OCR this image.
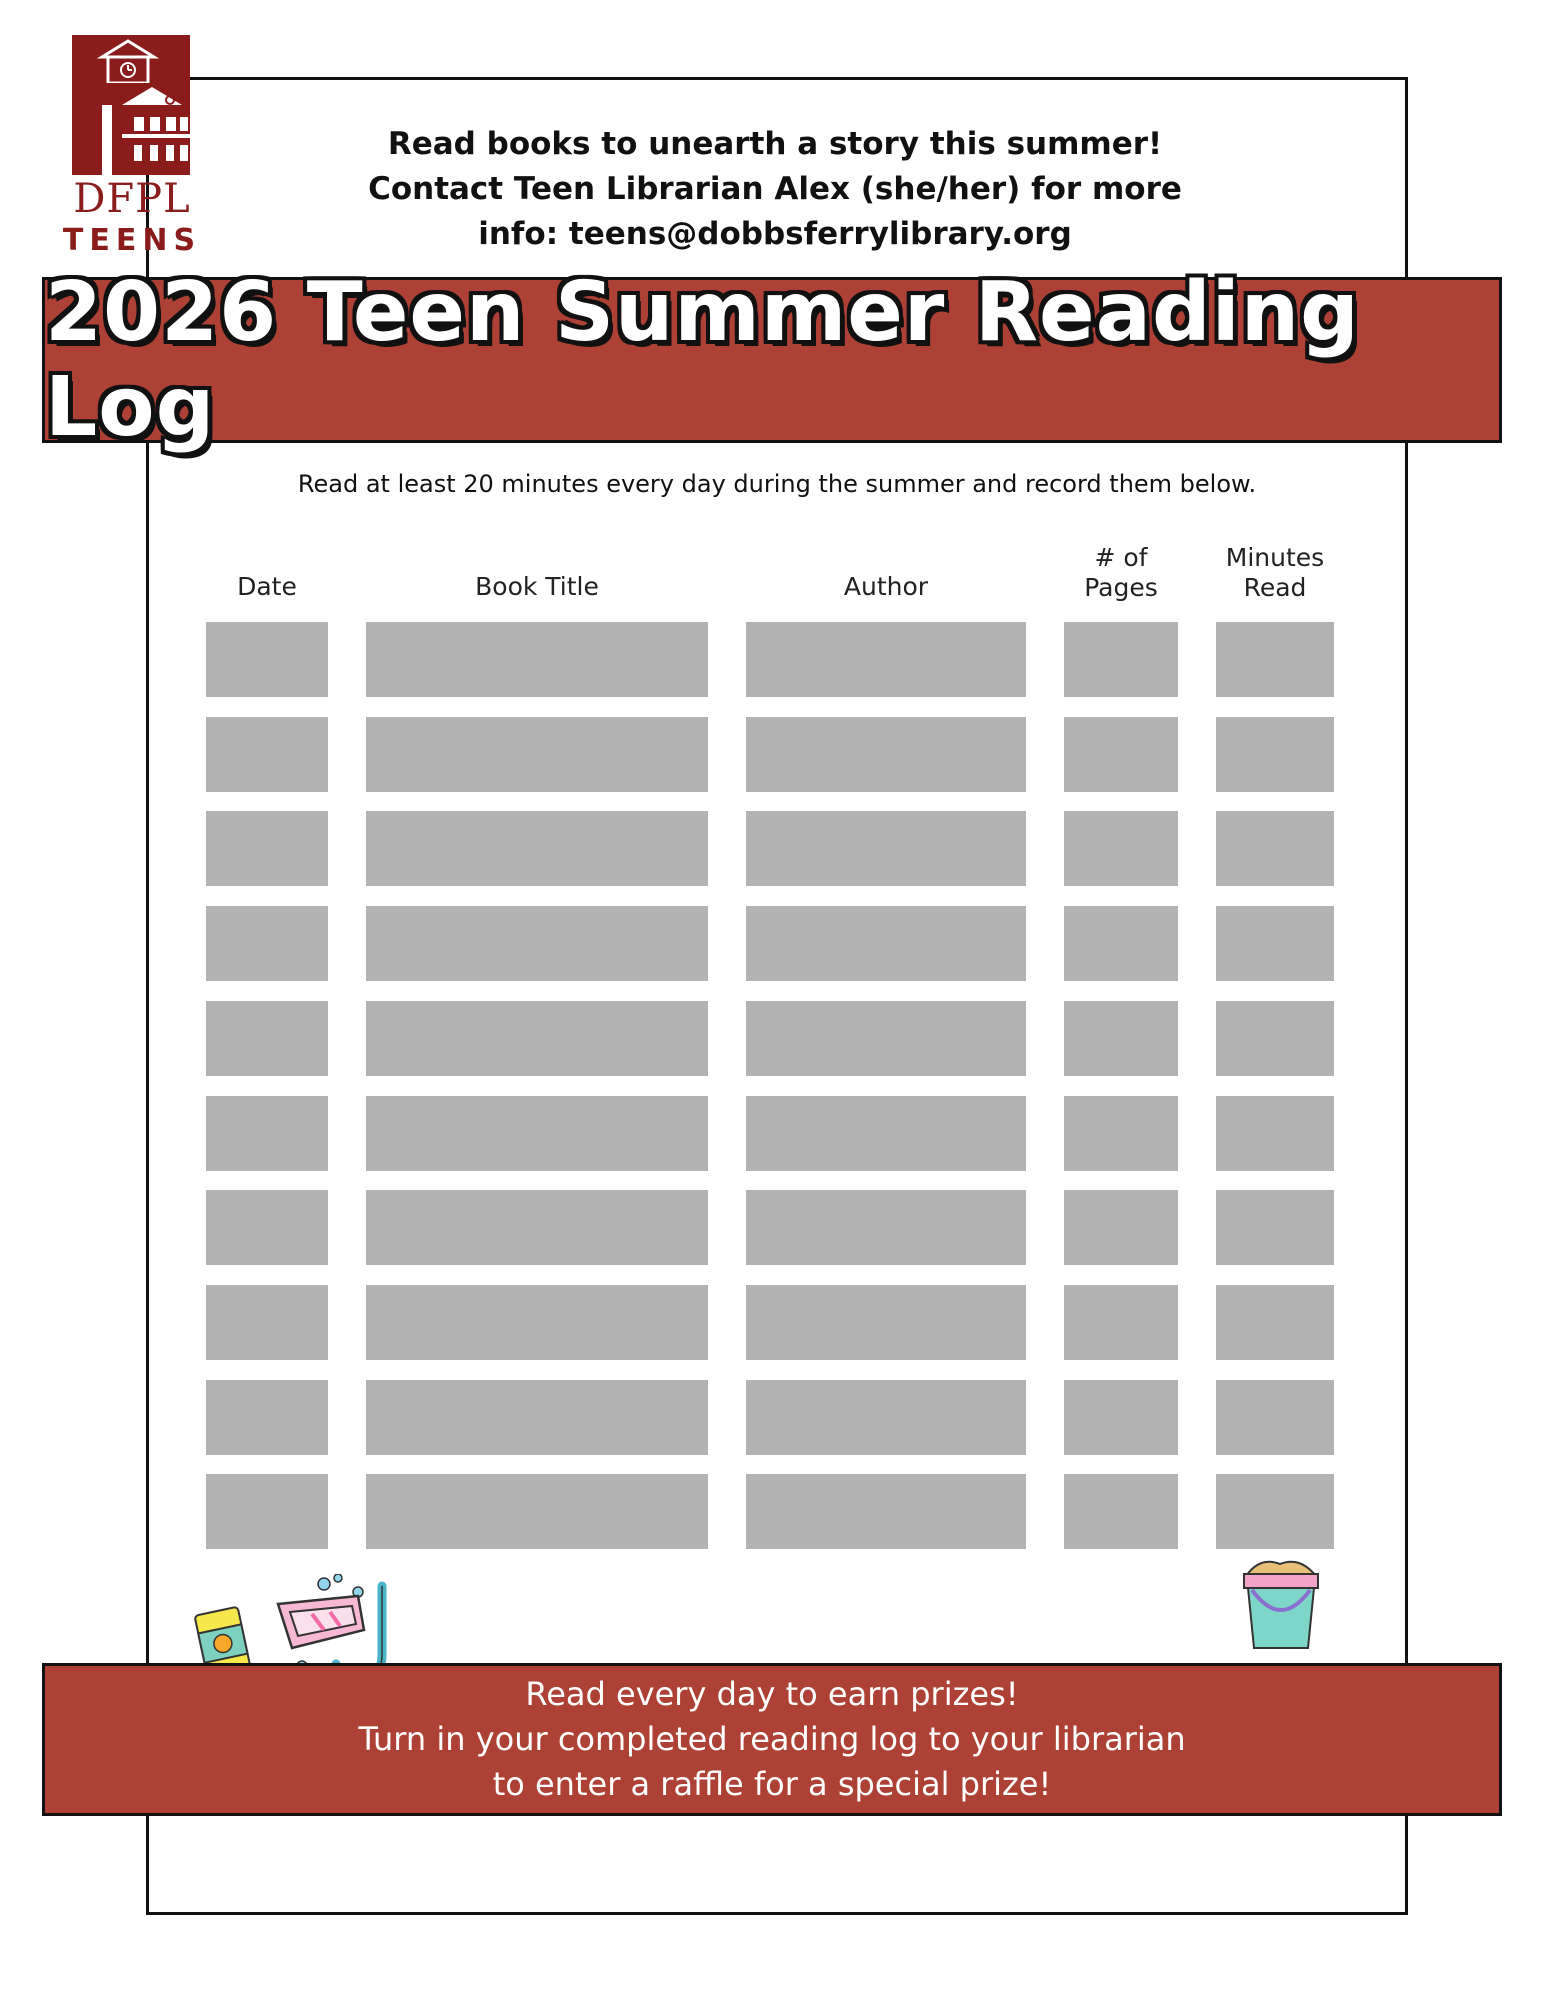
DFPL
TEENS
Read books to unearth a story this summer!
Contact Teen Librarian Alex (she/her) for more
info: teens@dobbsferrylibrary.org
2026 Teen Summer Reading Log
Read at least 20 minutes every day during the summer and record them below.
Date	Book Title	Author
# of
Pages
Minutes
Read
Read every day to earn prizes!
Turn in your completed reading log to your librarian
to enter a raffle for a special prize!
